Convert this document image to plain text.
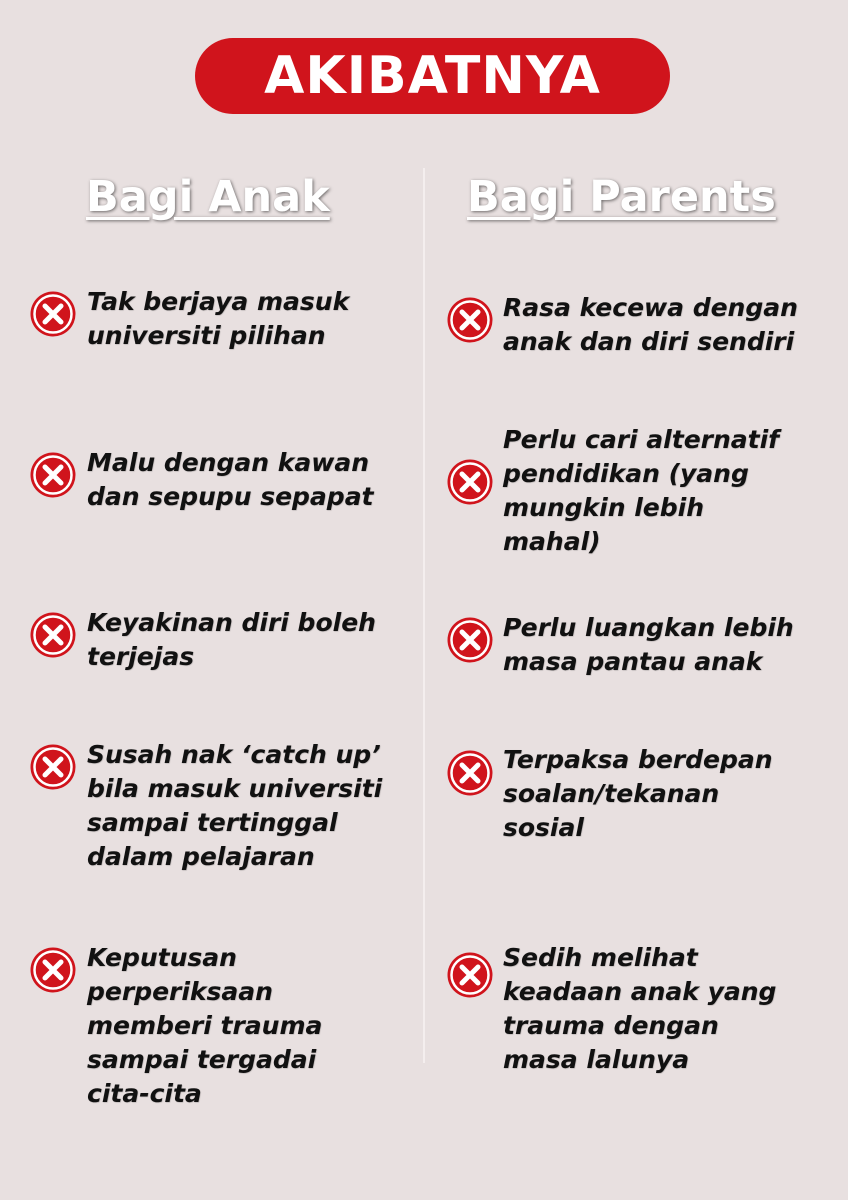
AKIBATNYA
Bagi Anak	Bagi Parents
Tak berjaya masuk
universiti pilihan
Malu dengan kawan
dan sepupu sepapat
Keyakinan diri boleh
terjejas
Susah nak ‘catch up’
bila masuk universiti
sampai tertinggal
dalam pelajaran
Keputusan
perperiksaan
memberi trauma
sampai tergadai
cita-cita
Rasa kecewa dengan
anak dan diri sendiri
Perlu cari alternatif
pendidikan (yang
mungkin lebih
mahal)
Perlu luangkan lebih
masa pantau anak
Terpaksa berdepan
soalan/tekanan
sosial
Sedih melihat
keadaan anak yang
trauma dengan
masa lalunya
